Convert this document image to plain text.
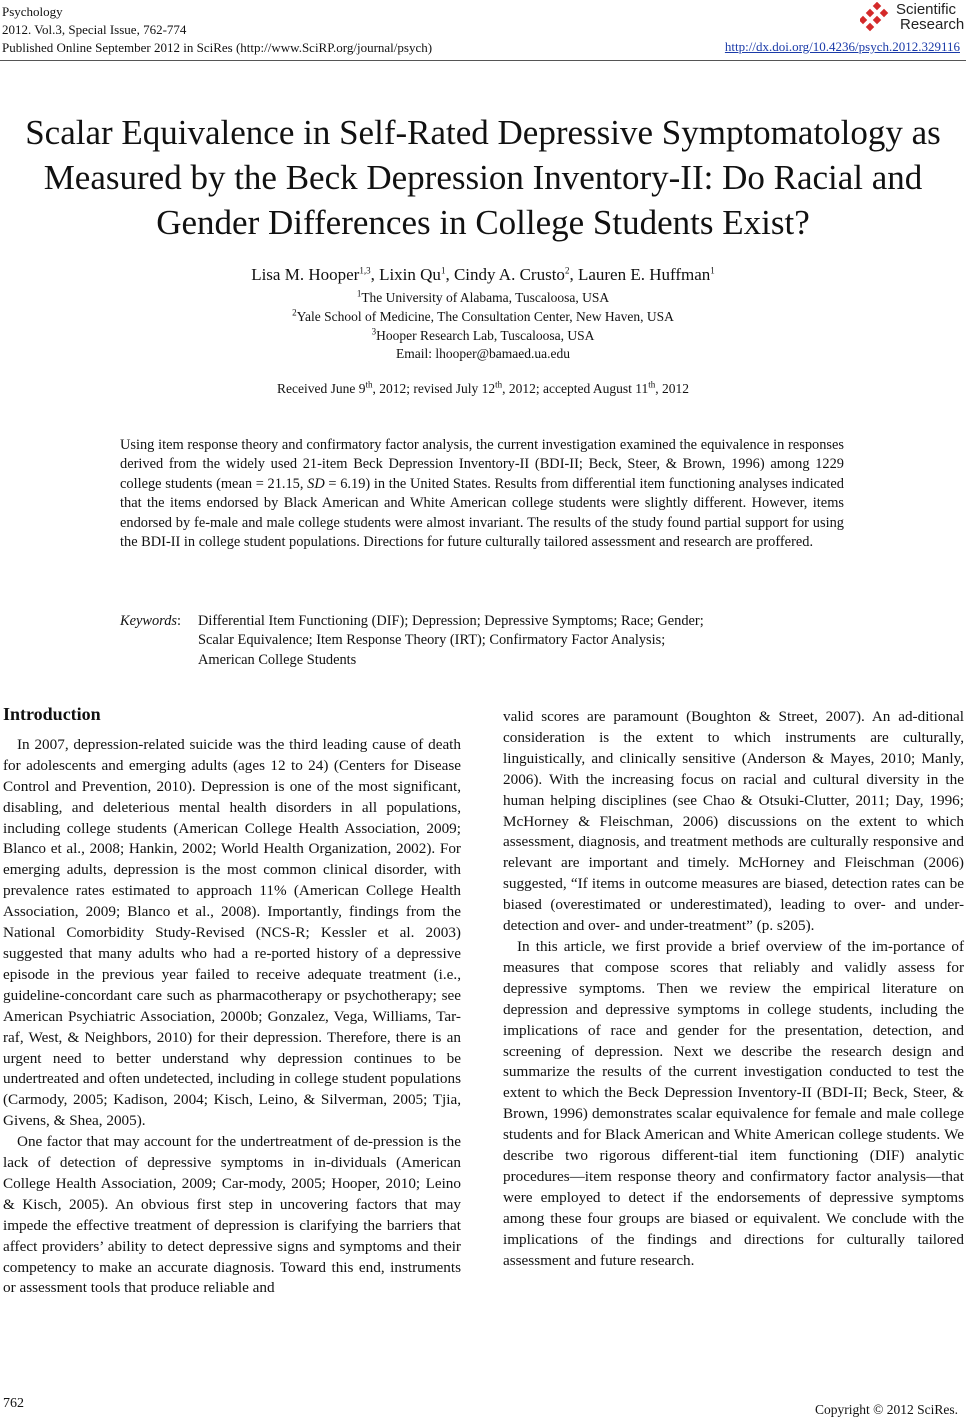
Psychology
2012. Vol.3, Special Issue, 762-774
Published Online September 2012 in SciRes (http://www.SciRP.org/journal/psych)
Scientific
Research
http://dx.doi.org/10.4236/psych.2012.329116
Scalar Equivalence in Self-Rated Depressive Symptomatology as
Measured by the Beck Depression Inventory-II: Do Racial and
Gender Differences in College Students Exist?
Lisa M. Hooper$^{1,3}$, Lixin Qu$^1$, Cindy A. Crusto$^2$, Lauren E. Huffman$^1$
$^1$The University of Alabama, Tuscaloosa, USA
$^2$Yale School of Medicine, The Consultation Center, New Haven, USA
$^3$Hooper Research Lab, Tuscaloosa, USA
Email: lhooper@bamaed.ua.edu
Received June 9th, 2012; revised July 12th, 2012; accepted August 11th, 2012
Using item response theory and confirmatory factor analysis, the current investigation examined the equivalence in responses derived from the widely used 21-item Beck Depression Inventory-II (BDI-II; Beck, Steer, & Brown, 1996) among 1229 college students (mean = 21.15, SD = 6.19) in the United States. Results from differential item functioning analyses indicated that the items endorsed by Black American and White American college students were slightly different. However, items endorsed by fe-male and male college students were almost invariant. The results of the study found partial support for using the BDI-II in college student populations. Directions for future culturally tailored assessment and research are proffered.
Keywords: Differential Item Functioning (DIF); Depression; Depressive Symptoms; Race; Gender;
Scalar Equivalence; Item Response Theory (IRT); Confirmatory Factor Analysis;
American College Students

Introduction

In 2007, depression-related suicide was the third leading cause of death for adolescents and emerging adults (ages 12 to 24) (Centers for Disease Control and Prevention, 2010). Depression is one of the most significant, disabling, and deleterious mental health disorders in all populations, including college students (American College Health Association, 2009; Blanco et al., 2008; Hankin, 2002; World Health Organization, 2002). For emerging adults, depression is the most common clinical disorder, with prevalence rates estimated to approach 11% (American College Health Association, 2009; Blanco et al., 2008). Importantly, findings from the National Comorbidity Study-Revised (NCS-R; Kessler et al. 2003) suggested that many adults who had a re-ported history of a depressive episode in the previous year failed to receive adequate treatment (i.e., guideline-concordant care such as pharmacotherapy or psychotherapy; see American Psychiatric Association, 2000b; Gonzalez, Vega, Williams, Tar-raf, West, & Neighbors, 2010) for their depression. Therefore, there is an urgent need to better understand why depression continues to be undertreated and often undetected, including in college student populations (Carmody, 2005; Kadison, 2004; Kisch, Leino, & Silverman, 2005; Tjia, Givens, & Shea, 2005).

One factor that may account for the undertreatment of de-pression is the lack of detection of depressive symptoms in in-dividuals (American College Health Association, 2009; Car-mody, 2005; Hooper, 2010; Leino & Kisch, 2005). An obvious first step in uncovering factors that may impede the effective treatment of depression is clarifying the barriers that affect providers’ ability to detect depressive signs and symptoms and their competency to make an accurate diagnosis. Toward this end, instruments or assessment tools that produce reliable and

valid scores are paramount (Boughton & Street, 2007). An ad-ditional consideration is the extent to which instruments are culturally, linguistically, and clinically sensitive (Anderson & Mayes, 2010; Manly, 2006). With the increasing focus on racial and cultural diversity in the human helping disciplines (see Chao & Otsuki-Clutter, 2011; Day, 1996; McHorney & Fleischman, 2006) discussions on the extent to which assessment, diagnosis, and treatment methods are culturally responsive and relevant are important and timely. McHorney and Fleischman (2006) suggested, “If items in outcome measures are biased, detection rates can be biased (overestimated or underestimated), leading to over- and under-detection and over- and under-treatment” (p. s205).

In this article, we first provide a brief overview of the im-portance of measures that compose scores that reliably and validly assess for depressive symptoms. Then we review the empirical literature on depression and depressive symptoms in college students, including the implications of race and gender for the presentation, detection, and screening of depression. Next we describe the research design and summarize the results of the current investigation conducted to test the extent to which the Beck Depression Inventory-II (BDI-II; Beck, Steer, & Brown, 1996) demonstrates scalar equivalence for female and male college students and for Black American and White American college students. We describe two rigorous different-tial item functioning (DIF) analytic procedures—item response theory and confirmatory factor analysis—that were employed to detect if the endorsements of depressive symptoms among these four groups are biased or equivalent. We conclude with the implications of the findings and directions for culturally tailored assessment and future research.

762	Copyright © 2012 SciRes.
